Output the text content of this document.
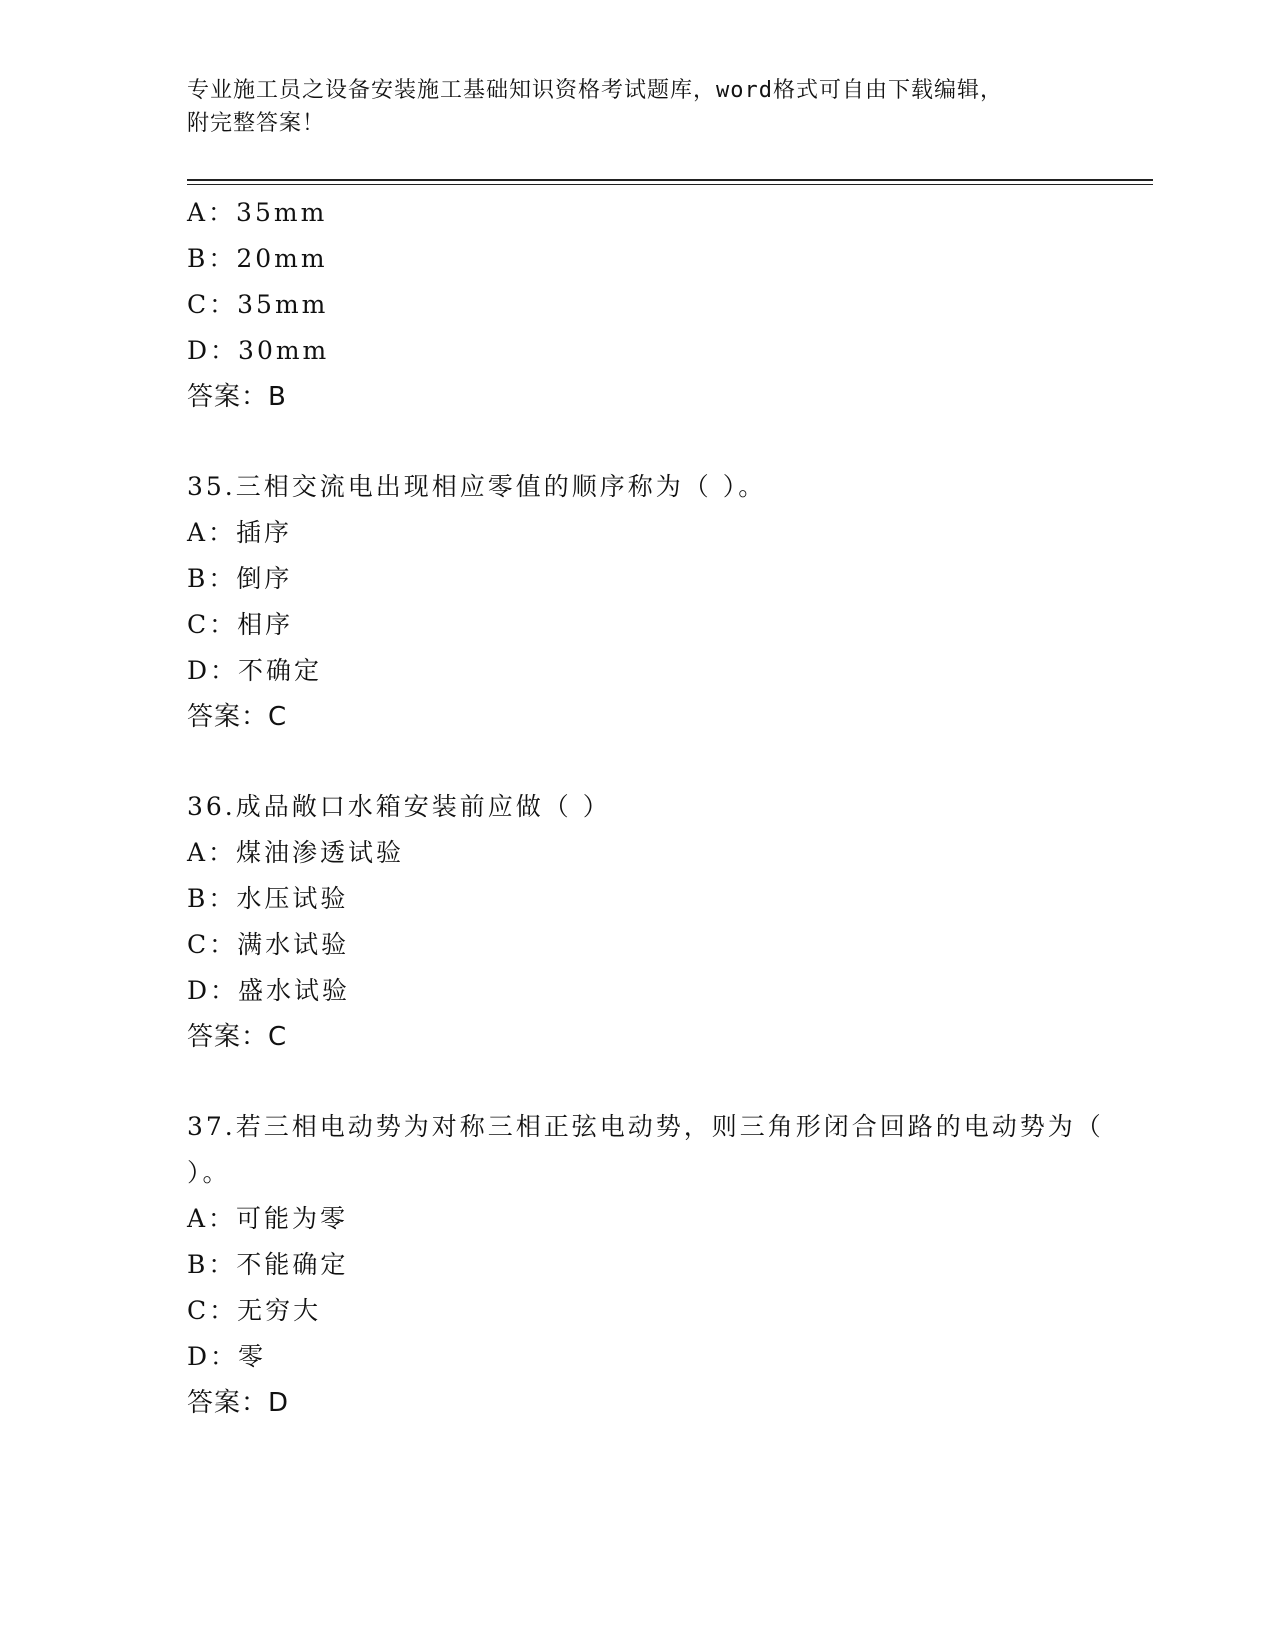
专业施工员之设备安装施工基础知识资格考试题库，word格式可自由下载编辑，
附完整答案！
A：35mm
B：20mm
C：35mm
D：30mm
答案：B
35.三相交流电出现相应零值的顺序称为（ ）。
A：插序
B：倒序
C：相序
D：不确定
答案：C
36.成品敞口水箱安装前应做（ ）
A：煤油渗透试验
B：水压试验
C：满水试验
D：盛水试验
答案：C
37.若三相电动势为对称三相正弦电动势，则三角形闭合回路的电动势为（ ）。
A：可能为零
B：不能确定
C：无穷大
D：零
答案：D
